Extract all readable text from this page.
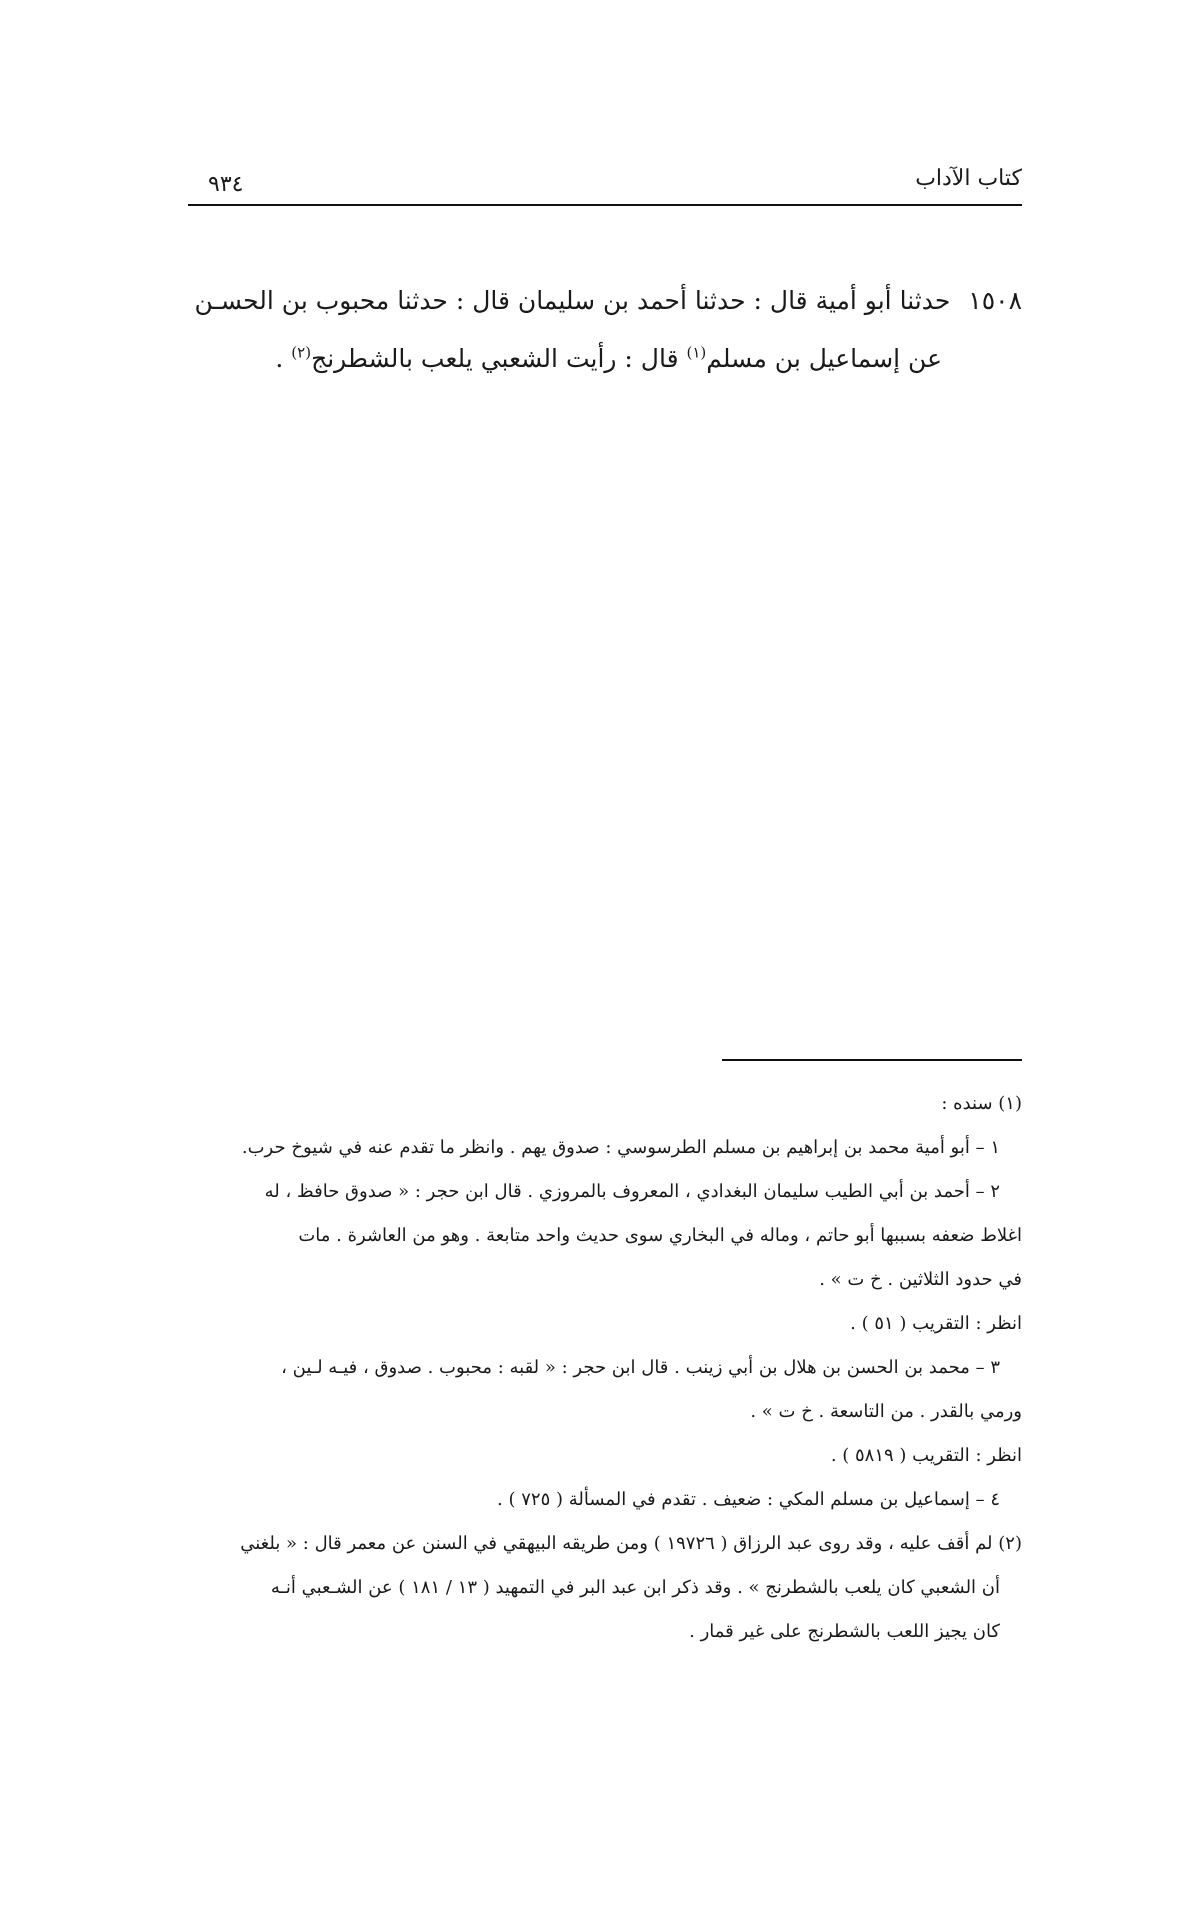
كتاب الآداب
٩٣٤
١٥٠٨حدثنا أبو أمية قال : حدثنا أحمد بن سليمان قال : حدثنا محبوب بن الحسـن
عن إسماعيل بن مسلم$^{(١)}$ قال : رأيت الشعبي يلعب بالشطرنج$^{(٢)}$ .
(١) سنده :
١ – أبو أمية محمد بن إبراهيم بن مسلم الطرسوسي : صدوق يهم . وانظر ما تقدم عنه في شيوخ حرب.
٢ – أحمد بن أبي الطيب سليمان البغدادي ، المعروف بالمروزي . قال ابن حجر : « صدوق حافظ ، له
اغلاط ضعفه بسببها أبو حاتم ، وماله في البخاري سوى حديث واحد متابعة . وهو من العاشرة . مات
في حدود الثلاثين . خ ت » .
انظر : التقريب ( ٥١ ) .
٣ – محمد بن الحسن بن هلال بن أبي زينب . قال ابن حجر : « لقبه : محبوب . صدوق ، فيـه لـين ،
ورمي بالقدر . من التاسعة . خ ت » .
انظر : التقريب ( ٥٨١٩ ) .
٤ – إسماعيل بن مسلم المكي : ضعيف . تقدم في المسألة ( ٧٢٥ ) .
(٢) لم أقف عليه ، وقد روى عبد الرزاق ( ١٩٧٢٦ ) ومن طريقه البيهقي في السنن عن معمر قال : « بلغني
أن الشعبي كان يلعب بالشطرنج » . وقد ذكر ابن عبد البر في التمهيد ( ١٣ / ١٨١ ) عن الشـعبي أنـه
كان يجيز اللعب بالشطرنج على غير قمار .
